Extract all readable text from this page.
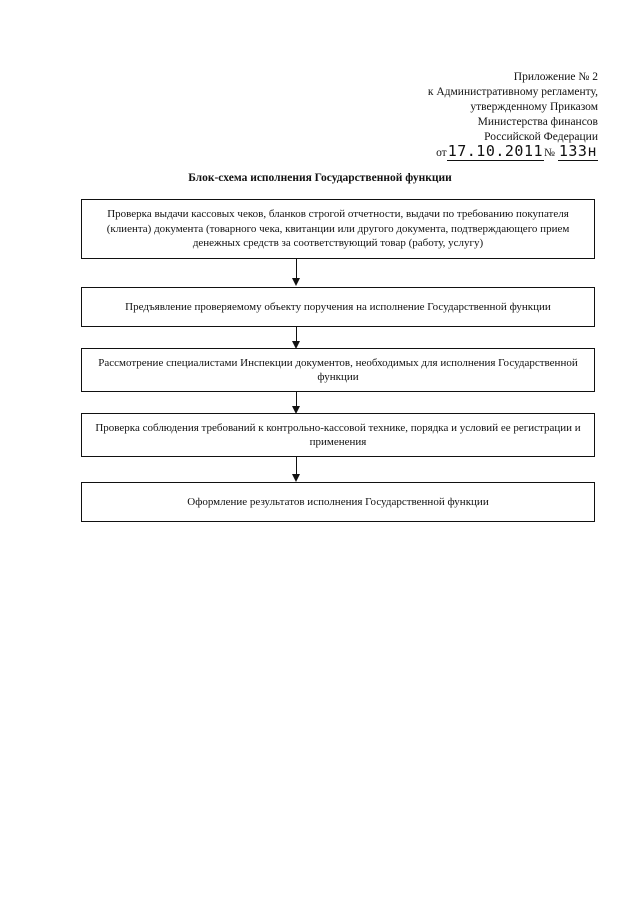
Приложение № 2
к Административному регламенту,
утвержденному Приказом
Министерства финансов
Российской Федерации
от17.10.2011№ 133н
Блок-схема исполнения Государственной функции
Проверка выдачи кассовых чеков, бланков строгой отчетности, выдачи по требованию покупателя (клиента) документа (товарного чека, квитанции или другого документа, подтверждающего прием денежных средств за соответствующий товар (работу, услугу)
Предъявление проверяемому объекту поручения на исполнение Государственной функции
Рассмотрение специалистами Инспекции документов, необходимых для исполнения Государственной функции
Проверка соблюдения требований к контрольно-кассовой технике, порядка и условий ее регистрации и применения
Оформление результатов исполнения Государственной функции
